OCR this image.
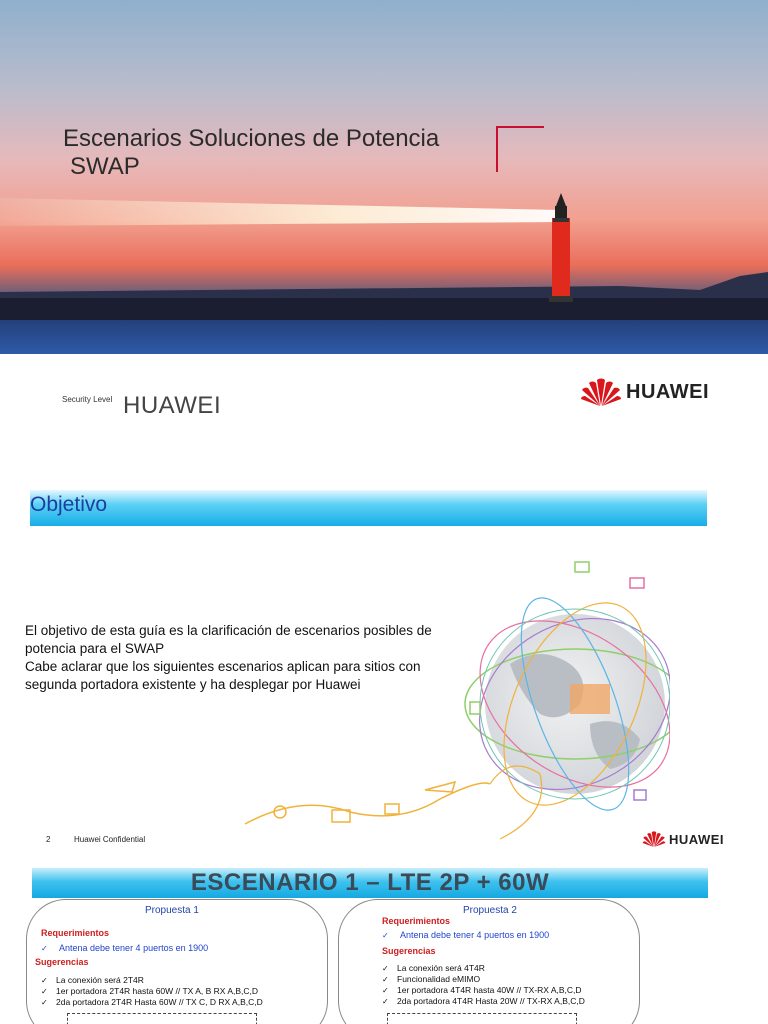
Escenarios Soluciones de Potencia
SWAP
Security Level HUAWEI
HUAWEI
Objetivo

El objetivo de esta guía es la clarificación de escenarios posibles de potencia para el SWAP

Cabe aclarar que los siguientes escenarios aplican para sitios con segunda portadora existente y ha desplegar por Huawei

2	Huawei Confidential	HUAWEI
ESCENARIO 1 – LTE 2P + 60W
Propuesta 1
Requerimientos
✓ Antena debe tener 4 puertos en 1900
Sugerencias
✓ La conexión será 2T4R
✓ 1er portadora 2T4R hasta 60W // TX A, B RX A,B,C,D
✓ 2da portadora 2T4R Hasta 60W // TX C, D RX A,B,C,D
Propuesta 2
Requerimientos
✓ Antena debe tener 4 puertos en 1900
Sugerencias
✓ La conexión será 4T4R
✓ Funcionalidad eMIMO
✓ 1er portadora 4T4R hasta 40W // TX-RX A,B,C,D
✓ 2da portadora 4T4R Hasta 20W // TX-RX A,B,C,D
